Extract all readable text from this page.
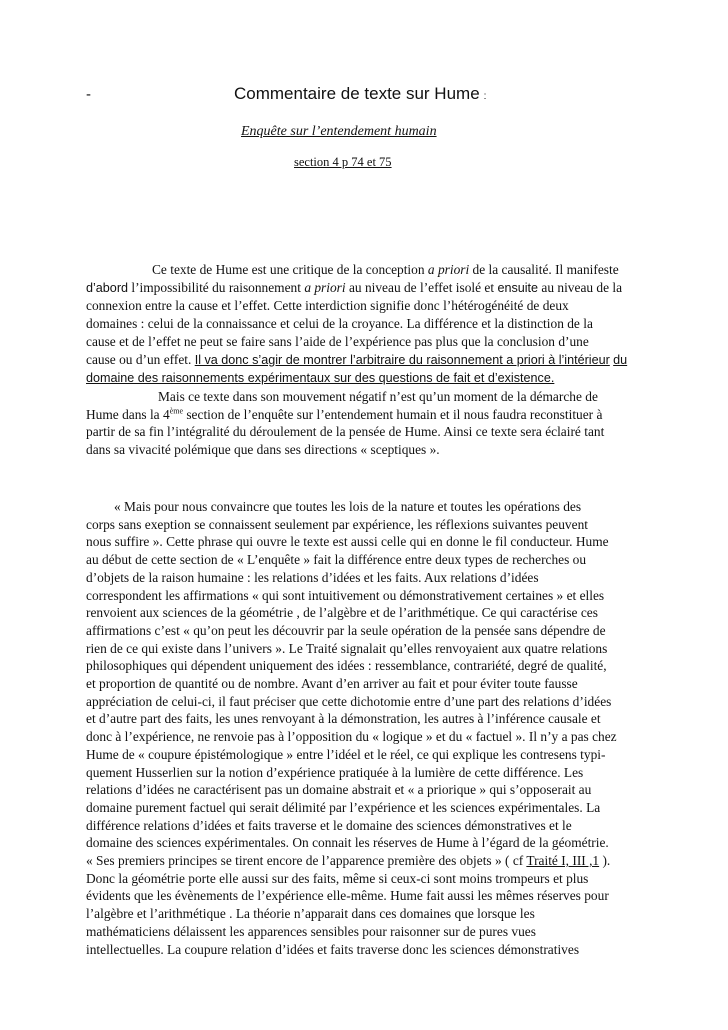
-	Commentaire de texte sur Hume :
Enquête sur l’entendement humain
section 4 p 74 et 75
Ce texte de Hume est une critique de la conception a priori de la causalité. Il manifeste
d’abord l’impossibilité du raisonnement a priori au niveau de l’effet isolé et ensuite au niveau de la
connexion entre la cause et l’effet. Cette interdiction signifie donc l’hétérogénéité de deux
domaines : celui de la connaissance et celui de la croyance. La différence et la distinction de la
cause et de l’effet ne peut se faire sans l’aide de l’expérience pas plus que la conclusion d’une
cause ou d’un effet. Il va donc s’agir de montrer l’arbitraire du raisonnement a priori à l’intérieur du
domaine des raisonnements expérimentaux sur des questions de fait et d’existence.
Mais ce texte dans son mouvement négatif n’est qu’un moment de la démarche de
Hume dans la 4ème section de l’enquête sur l’entendement humain et il nous faudra reconstituer à
partir de sa fin l’intégralité du déroulement de la pensée de Hume. Ainsi ce texte sera éclairé tant
dans sa vivacité polémique que dans ses directions « sceptiques ».
« Mais pour nous convaincre que toutes les lois de la nature et toutes les opérations des
corps sans exeption se connaissent seulement par expérience, les réflexions suivantes peuvent
nous suffire ». Cette phrase qui ouvre le texte est aussi celle qui en donne le fil conducteur. Hume
au début de cette section de « L’enquête » fait la différence entre deux types de recherches ou
d’objets de la raison humaine : les relations d’idées et les faits. Aux relations d’idées
correspondent les affirmations « qui sont intuitivement ou démonstrativement certaines » et elles
renvoient aux sciences de la géométrie , de l’algèbre et de l’arithmétique. Ce qui caractérise ces
affirmations c’est « qu’on peut les découvrir par la seule opération de la pensée sans dépendre de
rien de ce qui existe dans l’univers ». Le Traité signalait qu’elles renvoyaient aux quatre relations
philosophiques qui dépendent uniquement des idées : ressemblance, contrariété, degré de qualité,
et proportion de quantité ou de nombre. Avant d’en arriver au fait et pour éviter toute fausse
appréciation de celui-ci, il faut préciser que cette dichotomie entre d’une part des relations d’idées
et d’autre part des faits, les unes renvoyant à la démonstration, les autres à l’inférence causale et
donc à l’expérience, ne renvoie pas à l’opposition du « logique » et du « factuel ». Il n’y a pas chez
Hume de « coupure épistémologique » entre l’idéel et le réel, ce qui explique les contresens typi-
quement Husserlien sur la notion d’expérience pratiquée à la lumière de cette différence. Les
relations d’idées ne caractérisent pas un domaine abstrait et « a priorique » qui s’opposerait au
domaine purement factuel qui serait délimité par l’expérience et les sciences expérimentales. La
différence relations d’idées et faits traverse et le domaine des sciences démonstratives et le
domaine des sciences expérimentales. On connait les réserves de Hume à l’égard de la géométrie.
« Ses premiers principes se tirent encore de l’apparence première des objets » ( cf Traité I, III ,1 ).
Donc la géométrie porte elle aussi sur des faits, même si ceux-ci sont moins trompeurs et plus
évidents que les évènements de l’expérience elle-même. Hume fait aussi les mêmes réserves pour
l’algèbre et l’arithmétique . La théorie n’apparait dans ces domaines que lorsque les
mathématiciens délaissent les apparences sensibles pour raisonner sur de pures vues
intellectuelles. La coupure relation d’idées et faits traverse donc les sciences démonstratives
